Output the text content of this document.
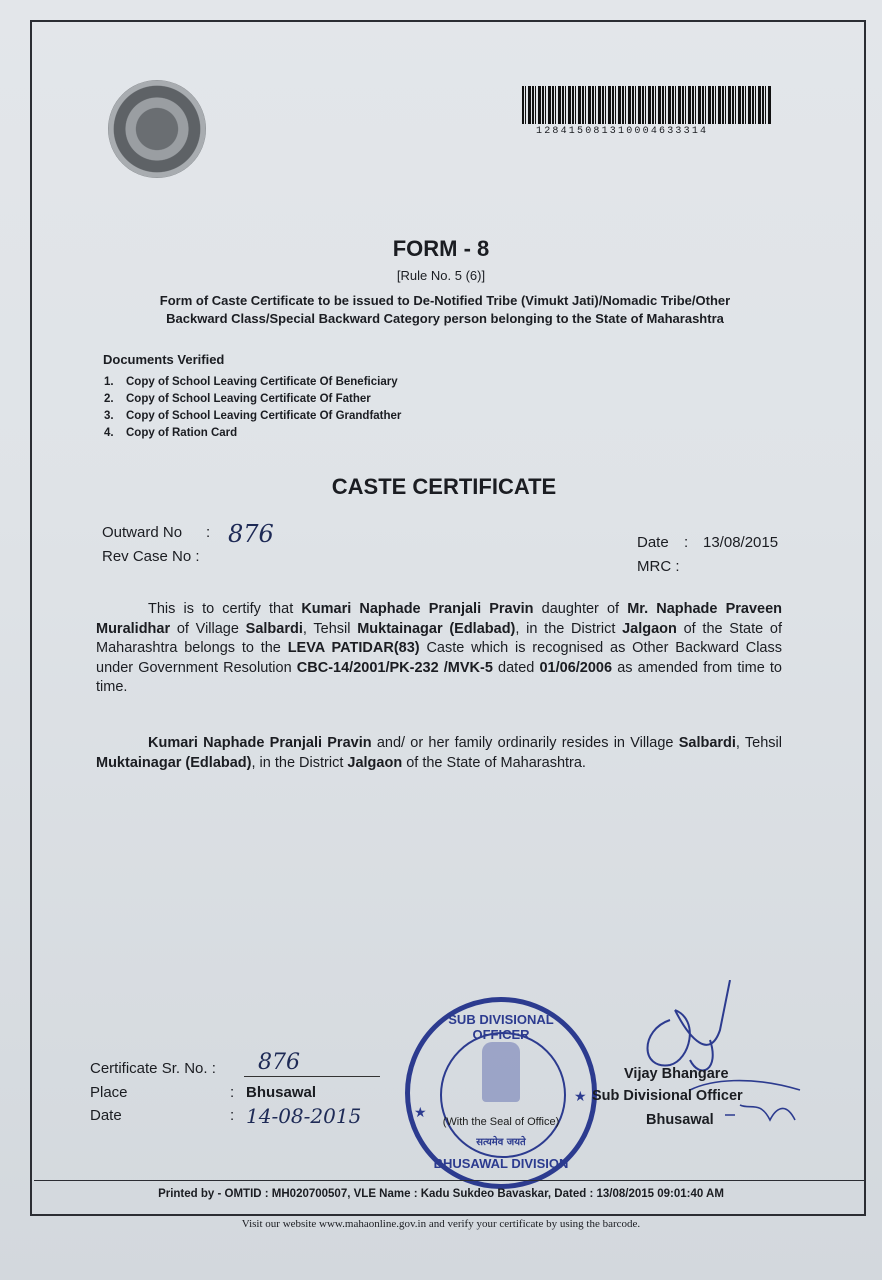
128415081310004633314
FORM - 8
[Rule No. 5 (6)]
Form of Caste Certificate to be issued to De-Notified Tribe (Vimukt Jati)/Nomadic Tribe/Other
Backward Class/Special Backward Category person belonging to the State of Maharashtra
Documents Verified
1. Copy of School Leaving Certificate Of Beneficiary
2. Copy of School Leaving Certificate Of Father
3. Copy of School Leaving Certificate Of Grandfather
4. Copy of Ration Card
CASTE CERTIFICATE
Outward No : 876
Rev Case No :
Date : 13/08/2015
MRC :

This is to certify that Kumari Naphade Pranjali Pravin daughter of Mr. Naphade Praveen Muralidhar of Village Salbardi, Tehsil Muktainagar (Edlabad), in the District Jalgaon of the State of Maharashtra belongs to the LEVA PATIDAR(83) Caste which is recognised as Other Backward Class under Government Resolution CBC-14/2001/PK-232 /MVK-5 dated 01/06/2006 as amended from time to time.

Kumari Naphade Pranjali Pravin and/ or her family ordinarily resides in Village Salbardi, Tehsil Muktainagar (Edlabad), in the District Jalgaon of the State of Maharashtra.

Certificate Sr. No. : 876
Place	: Bhusawal
Date	: 14-08-2015
SUB DIVISIONAL OFFICER
(With the Seal of Office)
सत्यमेव जयते
BHUSAWAL DIVISION
★
★
Vijay Bhangare
Sub Divisional Officer
Bhusawal
Printed by - OMTID : MH020700507, VLE Name : Kadu Sukdeo Bavaskar, Dated : 13/08/2015 09:01:40 AM
Visit our website www.mahaonline.gov.in and verify your certificate by using the barcode.
